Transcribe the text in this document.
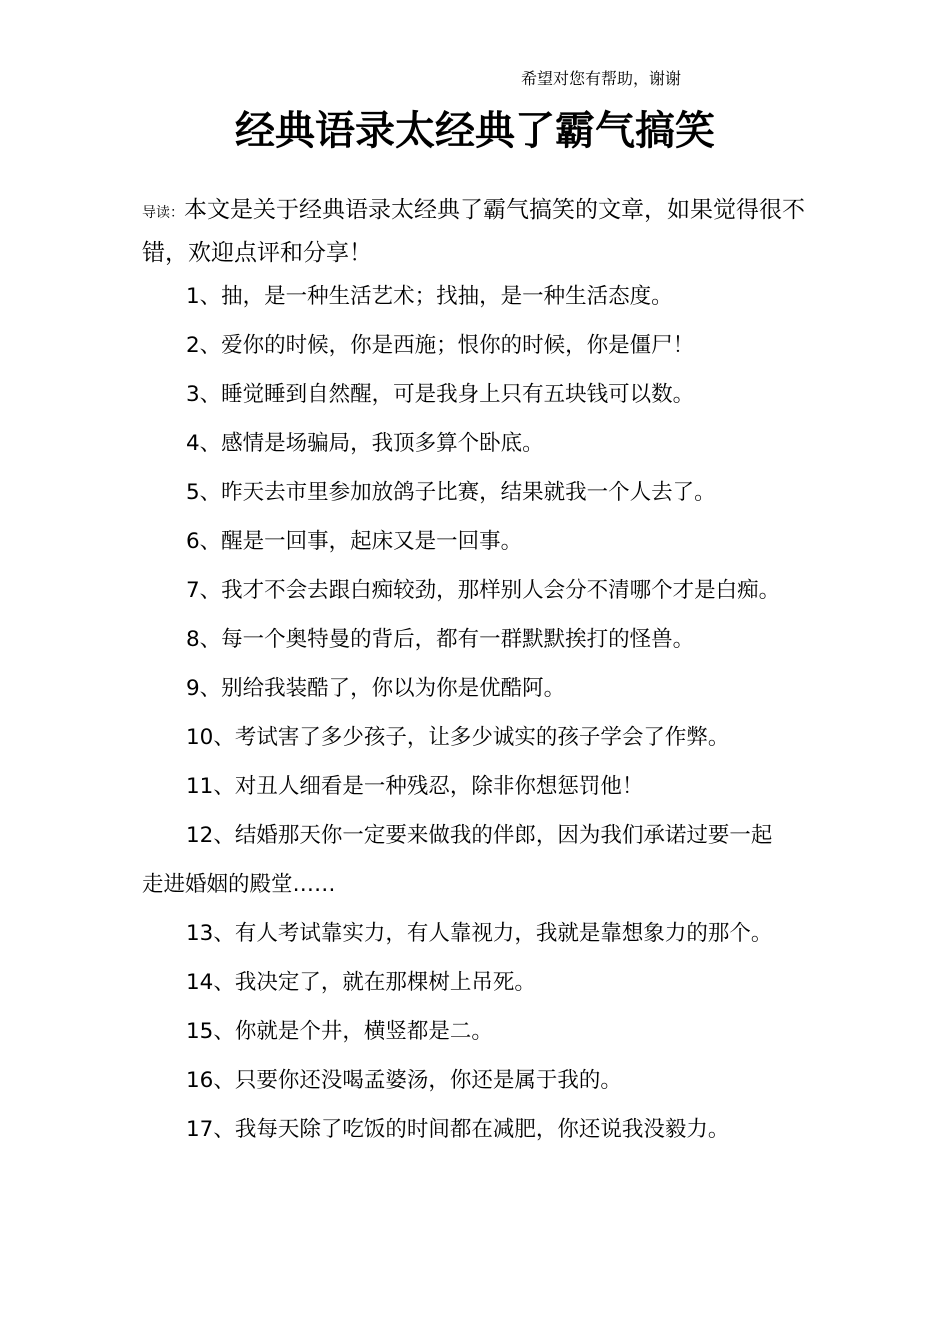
希望对您有帮助，谢谢
经典语录太经典了霸气搞笑
导读：本文是关于经典语录太经典了霸气搞笑的文章，如果觉得很不错，欢迎点评和分享！

1、抽，是一种生活艺术；找抽，是一种生活态度。

2、爱你的时候，你是西施；恨你的时候，你是僵尸！

3、睡觉睡到自然醒，可是我身上只有五块钱可以数。

4、感情是场骗局，我顶多算个卧底。

5、昨天去市里参加放鸽子比赛，结果就我一个人去了。

6、醒是一回事，起床又是一回事。

7、我才不会去跟白痴较劲，那样别人会分不清哪个才是白痴。

8、每一个奥特曼的背后，都有一群默默挨打的怪兽。

9、别给我装酷了，你以为你是优酷阿。

10、考试害了多少孩子，让多少诚实的孩子学会了作弊。

11、对丑人细看是一种残忍，除非你想惩罚他！

12、结婚那天你一定要来做我的伴郎，因为我们承诺过要一起

走进婚姻的殿堂……

13、有人考试靠实力，有人靠视力，我就是靠想象力的那个。

14、我决定了，就在那棵树上吊死。

15、你就是个井，横竖都是二。

16、只要你还没喝孟婆汤，你还是属于我的。

17、我每天除了吃饭的时间都在减肥，你还说我没毅力。
